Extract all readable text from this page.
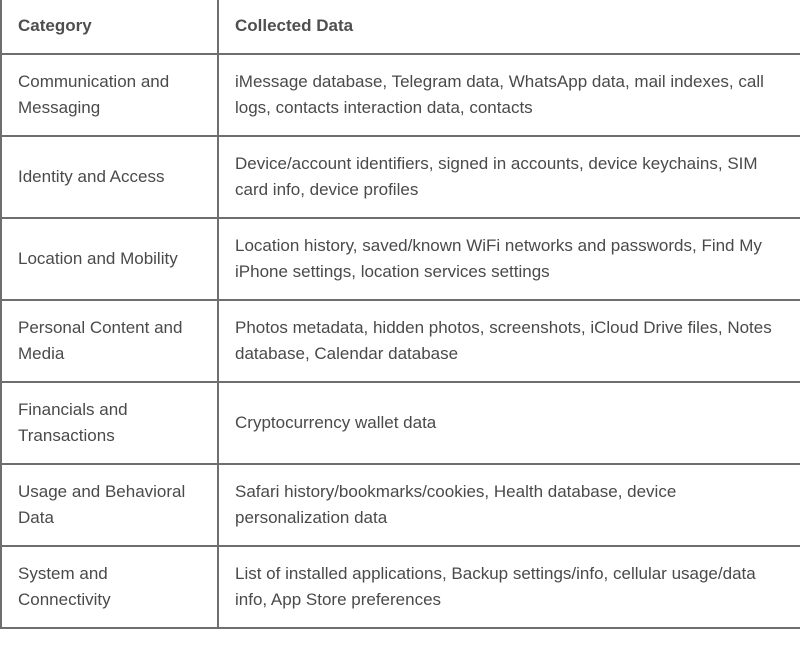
Category	Collected Data
Communication and Messaging	iMessage database, Telegram data, WhatsApp data, mail indexes, call logs, contacts interaction data, contacts
Identity and Access	Device/account identifiers, signed in accounts, device keychains, SIM card info, device profiles
Location and Mobility	Location history, saved/known WiFi networks and passwords, Find My iPhone settings, location services settings
Personal Content and Media	Photos metadata, hidden photos, screenshots, iCloud Drive files, Notes database, Calendar database
Financials and Transactions	Cryptocurrency wallet data
Usage and Behavioral Data	Safari history/bookmarks/cookies, Health database, device personalization data
System and Connectivity	List of installed applications, Backup settings/info, cellular usage/data info, App Store preferences
